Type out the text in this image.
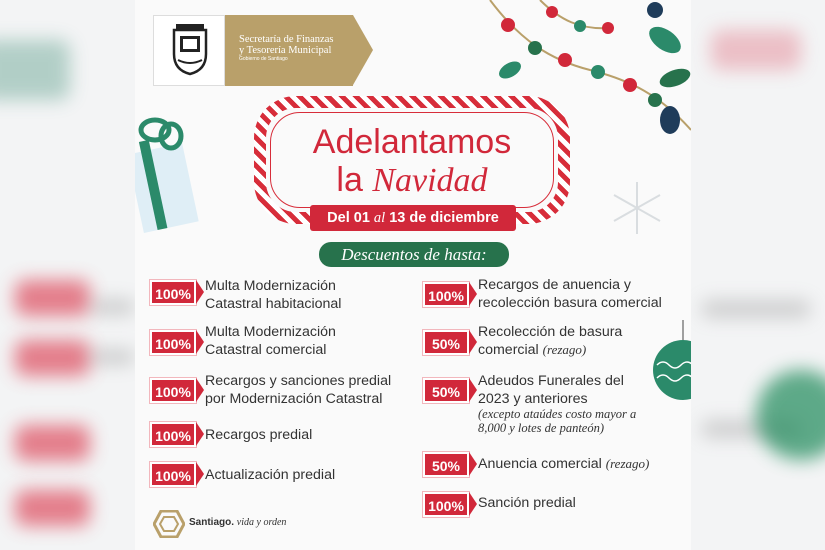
Secretaría de Finanzas
y Tesorería Municipal
Gobierno de Santiago
Adelantamos
la Navidad
Del 01 al 13 de diciembre
Descuentos de hasta:
100% Multa Modernización
Catastral habitacional
100%
Multa Modernización
Catastral comercial
100%
Recargos y sanciones predial
por Modernización Catastral
100% Recargos predial
100% Actualización predial
100%
Recargos de anuencia y
recolección basura comercial
50%
Recolección de basura
comercial (rezago)
50%
Adeudos Funerales del
2023 y anteriores
(excepto ataúdes costo mayor a
8,000 y lotes de panteón)
50%	Anuencia comercial (rezago)
100% Sanción predial
Santiago. vida y orden
